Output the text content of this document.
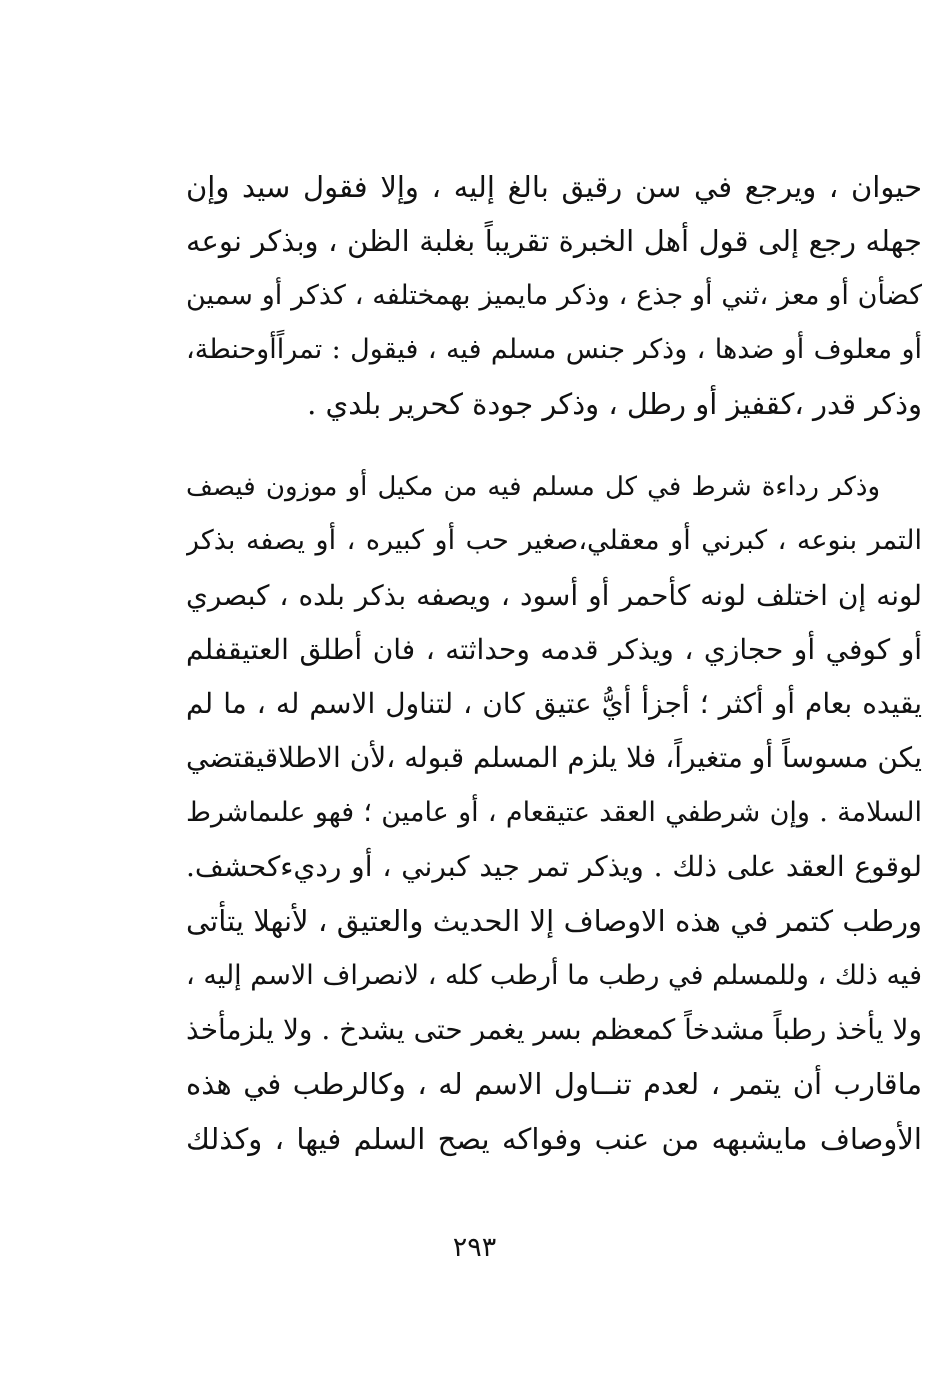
حيوان ، ويرجع في سن رقيق بالغ إليه ، وإلا فقول سيد وإن
جهله رجع إلى قول أهل الخبرة تقريباً بغلبة الظن ، وبذكر نوعه
كضأن أو معز ،ثني أو جذع ، وذكر مايميز بهمختلفه ، كذكر أو سمين
أو معلوف أو ضدها ، وذكر جنس مسلم فيه ، فيقول : تمراًأوحنطة،
وذكر قدر ،كقفيز أو رطل ، وذكر جودة كحرير بلدي .
وذكر رداءة شرط في كل مسلم فيه من مكيل أو موزون فيصف
التمر بنوعه ، كبرني أو معقلي،صغير حب أو كبيره ، أو يصفه بذكر
لونه إن اختلف لونه كأحمر أو أسود ، ويصفه بذكر بلده ، كبصري
أو كوفي أو حجازي ، ويذكر قدمه وحداثته ، فان أطلق العتيقفلم
يقيده بعام أو أكثر ؛ أجزأ أيُّ عتيق كان ، لتناول الاسم له ، ما لم
يكن مسوساً أو متغيراً، فلا يلزم المسلم قبوله ،لأن الاطلاقيقتضي
السلامة . وإن شرطفي العقد عتيقعام ، أو عامين ؛ فهو علىماشرط
لوقوع العقد على ذلك . ويذكر تمر جيد كبرني ، أو رديءكحشف.
ورطب كتمر في هذه الاوصاف إلا الحديث والعتيق ، لأنهلا يتأتى
فيه ذلك ، وللمسلم في رطب ما أرطب كله ، لانصراف الاسم إليه ،
ولا يأخذ رطباً مشدخاً كمعظم بسر يغمر حتى يشدخ . ولا يلزمأخذ
ماقارب أن يتمر ، لعدم تنــاول الاسم له ، وكالرطب في هذه
الأوصاف مايشبهه من عنب وفواكه يصح السلم فيها ، وكذلك
٢٩٣
